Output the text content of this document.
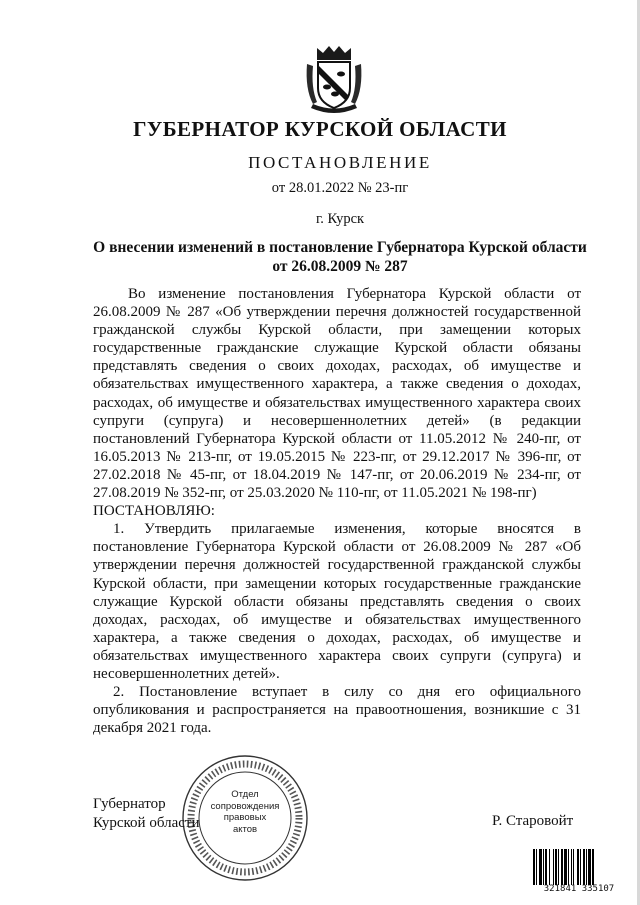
ГУБЕРНАТОР КУРСКОЙ ОБЛАСТИ
ПОСТАНОВЛЕНИЕ
от 28.01.2022 № 23-пг
г. Курск
О внесении изменений в постановление Губернатора Курской области
от 26.08.2009 № 287

Во изменение постановления Губернатора Курской области от 26.08.2009 № 287 «Об утверждении перечня должностей государственной гражданской службы Курской области, при замещении которых государственные гражданские служащие Курской области обязаны представлять сведения о своих доходах, расходах, об имуществе и обязательствах имущественного характера, а также сведения о доходах, расходах, об имуществе и обязательствах имущественного характера своих супруги (супруга) и несовершеннолетних детей» (в редакции постановлений Губернатора Курской области от 11.05.2012 № 240-пг, от 16.05.2013 № 213-пг, от 19.05.2015 № 223-пг, от 29.12.2017 № 396-пг, от 27.02.2018 № 45-пг, от 18.04.2019 № 147-пг, от 20.06.2019 № 234-пг, от 27.08.2019 № 352-пг, от 25.03.2020 № 110-пг, от 11.05.2021 № 198-пг)

ПОСТАНОВЛЯЮ:

1. Утвердить прилагаемые изменения, которые вносятся в постановление Губернатора Курской области от 26.08.2009 № 287 «Об утверждении перечня должностей государственной гражданской службы Курской области, при замещении которых государственные гражданские служащие Курской области обязаны представлять сведения о своих доходах, расходах, об имуществе и обязательствах имущественного характера, а также сведения о доходах, расходах, об имуществе и обязательствах имущественного характера своих супруги (супруга) и несовершеннолетних детей».

2. Постановление вступает в силу со дня его официального опубликования и распространяется на правоотношения, возникшие с 31 декабря 2021 года.

Отдел
сопровождения
правовых
актов
Губернатор
Курской области	Р. Старовойт
321841 335107
